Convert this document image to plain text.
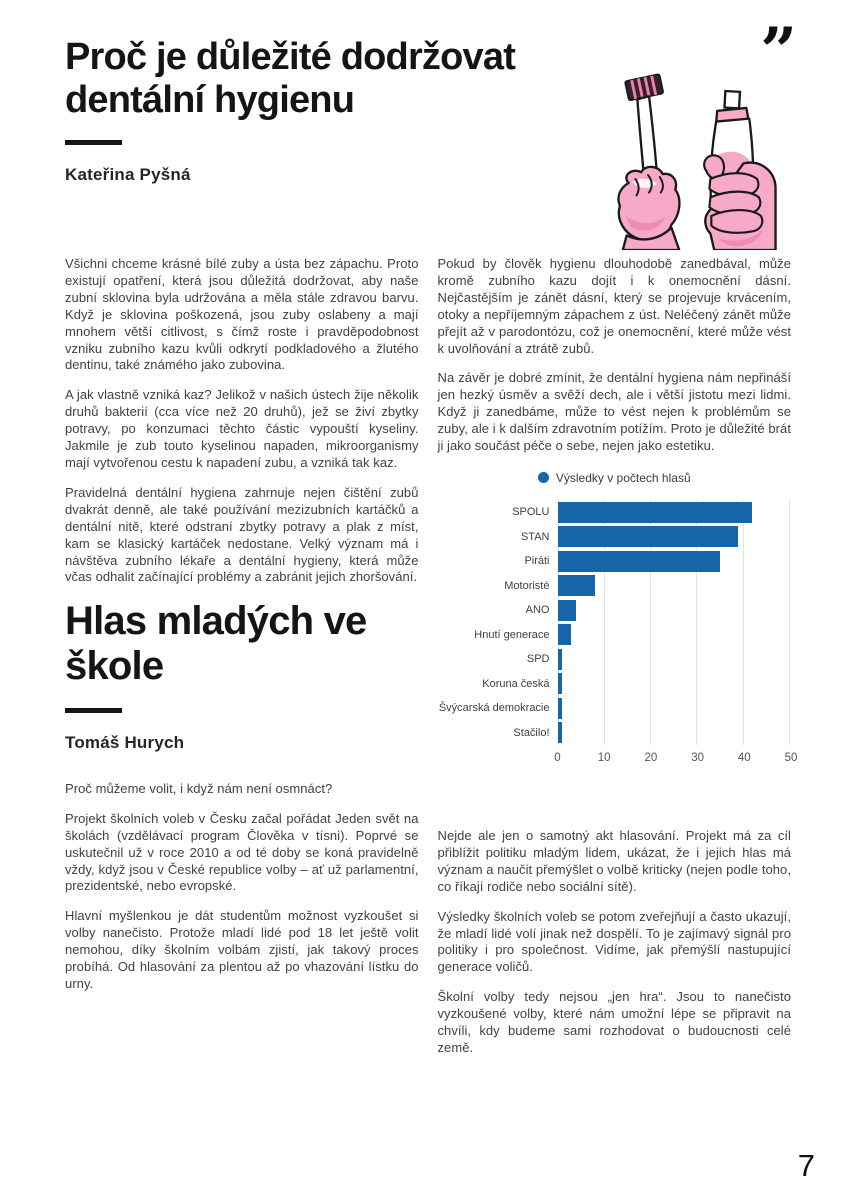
Proč je důležité dodržovat dentální hygienu
Kateřina Pyšná
”

Všichni chceme krásné bílé zuby a ústa bez zápachu. Proto existují opatření, která jsou důležitá dodržovat, aby naše zubní sklovina byla udržována a měla stále zdravou barvu. Když je sklovina poškozená, jsou zuby oslabeny a mají mnohem větší citlivost, s čímž roste i pravděpodobnost vzniku zubního kazu kvůli odkrytí podkladového a žlutého dentinu, také známého jako zubovina.

A jak vlastně vzniká kaz? Jelikož v našich ústech žije několik druhů bakterií (cca více než 20 druhů), jež se živí zbytky potravy, po konzumaci těchto částic vypouští kyseliny. Jakmile je zub touto kyselinou napaden, mikroorganismy mají vytvořenou cestu k napadení zubu, a vzniká tak kaz.

Pravidelná dentální hygiena zahrnuje nejen čištění zubů dvakrát denně, ale také používání mezizubních kartáčků a dentální nitě, které odstraní zbytky potravy a plak z míst, kam se klasický kartáček nedostane. Velký význam má i návštěva zubního lékaře a dentální hygieny, která může včas odhalit začínající problémy a zabránit jejich zhoršování.

Hlas mladých ve škole
Tomáš Hurych

Proč můžeme volit, i když nám není osmnáct?

Projekt školních voleb v Česku začal pořádat Jeden svět na školách (vzdělávací program Člověka v tísni). Poprvé se uskutečnil už v roce 2010 a od té doby se koná pravidelně vždy, když jsou v České republice volby – ať už parlamentní, prezidentské, nebo evropské.

Hlavní myšlenkou je dát studentům možnost vyzkoušet si volby nanečisto. Protože mladí lidé pod 18 let ještě volit nemohou, díky školním volbám zjistí, jak takový proces probíhá. Od hlasování za plentou až po vhazování lístku do urny.

Pokud by člověk hygienu dlouhodobě zanedbával, může kromě zubního kazu dojít i k onemocnění dásní. Nejčastějším je zánět dásní, který se projevuje krvácením, otoky a nepříjemným zápachem z úst. Neléčený zánět může přejít až v parodontózu, což je onemocnění, které může vést k uvolňování a ztrátě zubů.

Na závěr je dobré zmínit, že dentální hygiena nám nepřináší jen hezký úsměv a svěží dech, ale i větší jistotu mezi lidmi. Když ji zanedbáme, může to vést nejen k problémům se zuby, ale i k dalším zdravotním potížím. Proto je důležité brát ji jako součást péče o sebe, nejen jako estetiku.

Výsledky v počtech hlasů
SPOLU
STAN
Piráti
Motoristé
ANO
Hnutí generace
SPD
Koruna česká
Švýcarská demokracie
Stačilo!
0	10	20	30	40	50

Nejde ale jen o samotný akt hlasování. Projekt má za cíl přiblížit politiku mladým lidem, ukázat, že i jejich hlas má význam a naučit přemýšlet o volbě kriticky (nejen podle toho, co říkají rodiče nebo sociální sítě).

Výsledky školních voleb se potom zveřejňují a často ukazují, že mladí lidé volí jinak než dospělí. To je zajímavý signál pro politiky i pro společnost. Vidíme, jak přemýšlí nastupující generace voličů.

Školní volby tedy nejsou „jen hra“. Jsou to nanečisto vyzkoušené volby, které nám umožní lépe se připravit na chvíli, kdy budeme sami rozhodovat o budoucnosti celé země.

7
